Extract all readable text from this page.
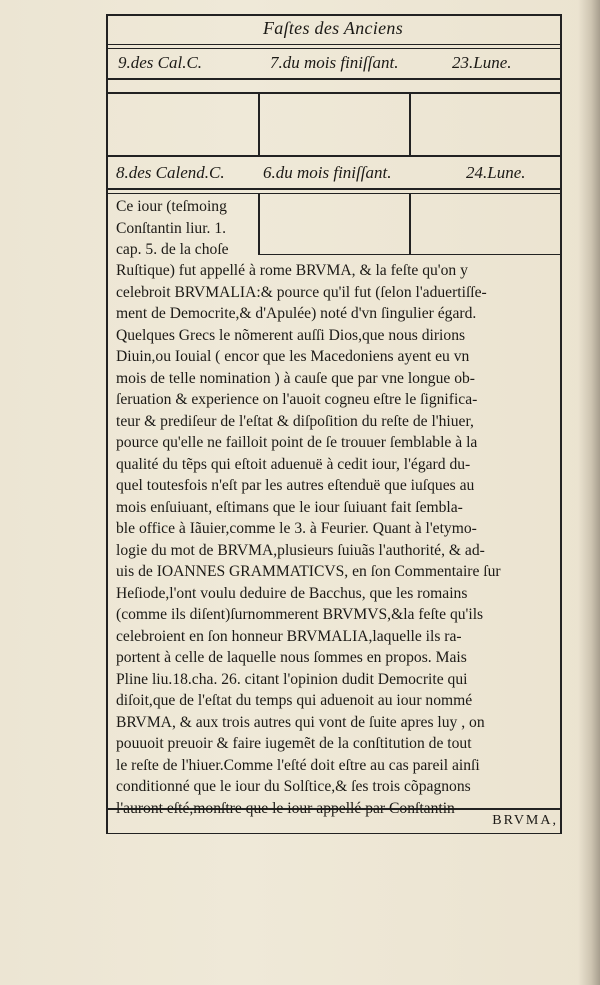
Faſtes des Anciens
9.des Cal.C.	7.du mois finiſſant.	23.Lune.
8.des Calend.C. 6.du mois finiſſant.	24.Lune.
Ce iour (teſmoing
Conſtantin liur. 1.
cap. 5. de la choſe
Ruſtique) fut appellé à rome BRVMA, & la feſte qu'on y
celebroit BRVMALIA:& pource qu'il fut (ſelon l'aduertiſſe-
ment de Democrite,& d'Apulée) noté d'vn ſingulier égard.
Quelques Grecs le nõmerent auſſi Dios,que nous dirions
Diuin,ou Iouial ( encor que les Macedoniens ayent eu vn
mois de telle nomination ) à cauſe que par vne longue ob-
ſeruation & experience on l'auoit cogneu eſtre le ſignifica-
teur & prediſeur de l'eſtat & diſpoſition du reſte de l'hiuer,
pource qu'elle ne failloit point de ſe trouuer ſemblable à la
qualité du tẽps qui eſtoit aduenuë à cedit iour, l'égard du-
quel toutesfois n'eſt par les autres eſtenduë que iuſques au
mois enſuiuant, eſtimans que le iour ſuiuant fait ſembla-
ble office à Iãuier,comme le 3. à Feurier. Quant à l'etymo-
logie du mot de BRVMA,plusieurs ſuiuãs l'authorité, & ad-
uis de IOANNES GRAMMATICVS, en ſon Commentaire ſur
Heſiode,l'ont voulu deduire de Bacchus, que les romains
(comme ils diſent)ſurnommerent BRVMVS,&la feſte qu'ils
celebroient en ſon honneur BRVMALIA,laquelle ils ra-
portent à celle de laquelle nous ſommes en propos. Mais
Pline liu.18.cha. 26. citant l'opinion dudit Democrite qui
diſoit,que de l'eſtat du temps qui aduenoit au iour nommé
BRVMA, & aux trois autres qui vont de ſuite apres luy , on
pouuoit preuoir & faire iugemẽt de la conſtitution de tout
le reſte de l'hiuer.Comme l'eſté doit eſtre au cas pareil ainſi
conditionné que le iour du Solſtice,& ſes trois cõpagnons
l'auront eſté,monſtre que le iour appellé par Conſtantin
BRVMA,
